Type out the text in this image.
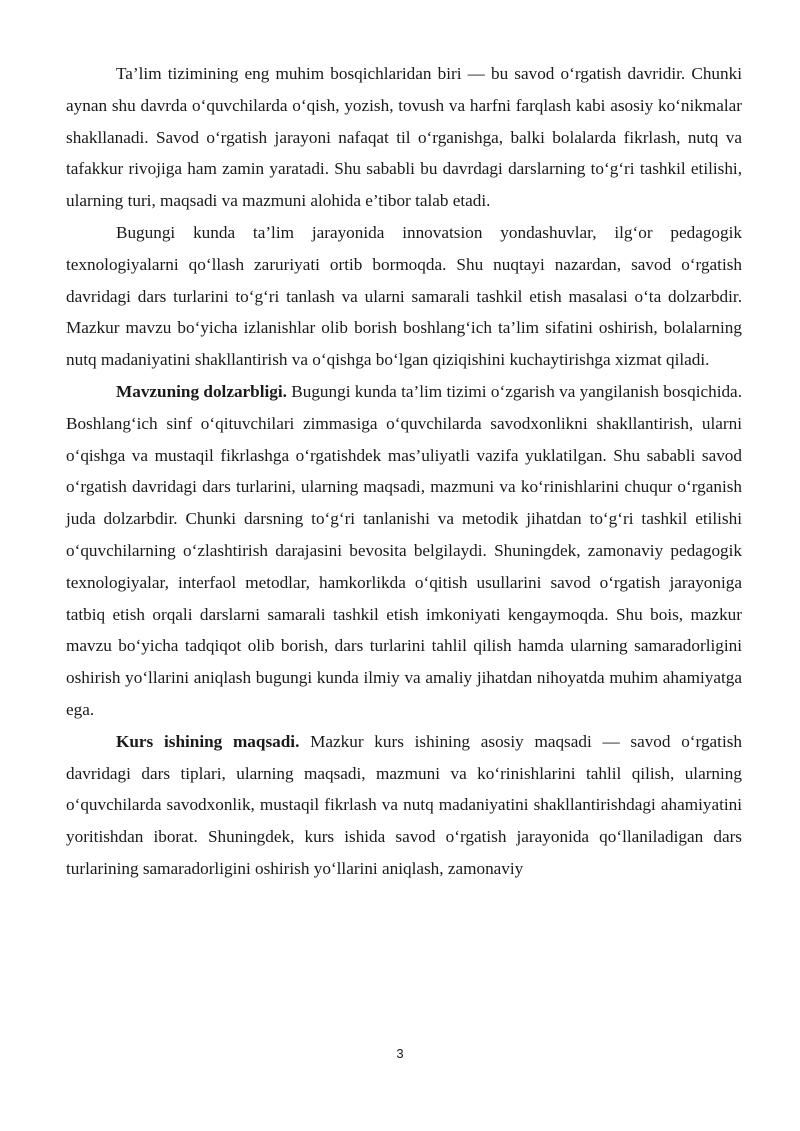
Ta’lim tizimining eng muhim bosqichlaridan biri — bu savod oʻrgatish davridir. Chunki aynan shu davrda oʻquvchilarda oʻqish, yozish, tovush va harfni farqlash kabi asosiy koʻnikmalar shakllanadi. Savod oʻrgatish jarayoni nafaqat til oʻrganishga, balki bolalarda fikrlash, nutq va tafakkur rivojiga ham zamin yaratadi. Shu sababli bu davrdagi darslarning toʻgʻri tashkil etilishi, ularning turi, maqsadi va mazmuni alohida e’tibor talab etadi.

Bugungi kunda ta’lim jarayonida innovatsion yondashuvlar, ilgʻor pedagogik texnologiyalarni qoʻllash zaruriyati ortib bormoqda. Shu nuqtayi nazardan, savod oʻrgatish davridagi dars turlarini toʻgʻri tanlash va ularni samarali tashkil etish masalasi oʻta dolzarbdir. Mazkur mavzu boʻyicha izlanishlar olib borish boshlangʻich ta’lim sifatini oshirish, bolalarning nutq madaniyatini shakllantirish va oʻqishga boʻlgan qiziqishini kuchaytirishga xizmat qiladi.

Mavzuning dolzarbligi. Bugungi kunda ta’lim tizimi oʻzgarish va yangilanish bosqichida. Boshlangʻich sinf oʻqituvchilari zimmasiga oʻquvchilarda savodxonlikni shakllantirish, ularni oʻqishga va mustaqil fikrlashga oʻrgatishdek mas’uliyatli vazifa yuklatilgan. Shu sababli savod oʻrgatish davridagi dars turlarini, ularning maqsadi, mazmuni va koʻrinishlarini chuqur oʻrganish juda dolzarbdir. Chunki darsning toʻgʻri tanlanishi va metodik jihatdan toʻgʻri tashkil etilishi oʻquvchilarning oʻzlashtirish darajasini bevosita belgilaydi. Shuningdek, zamonaviy pedagogik texnologiyalar, interfaol metodlar, hamkorlikda oʻqitish usullarini savod oʻrgatish jarayoniga tatbiq etish orqali darslarni samarali tashkil etish imkoniyati kengaymoqda. Shu bois, mazkur mavzu boʻyicha tadqiqot olib borish, dars turlarini tahlil qilish hamda ularning samaradorligini oshirish yoʻllarini aniqlash bugungi kunda ilmiy va amaliy jihatdan nihoyatda muhim ahamiyatga ega.

Kurs ishining maqsadi. Mazkur kurs ishining asosiy maqsadi — savod oʻrgatish davridagi dars tiplari, ularning maqsadi, mazmuni va koʻrinishlarini tahlil qilish, ularning oʻquvchilarda savodxonlik, mustaqil fikrlash va nutq madaniyatini shakllantirishdagi ahamiyatini yoritishdan iborat. Shuningdek, kurs ishida savod oʻrgatish jarayonida qoʻllaniladigan dars turlarining samaradorligini oshirish yoʻllarini aniqlash, zamonaviy

3
